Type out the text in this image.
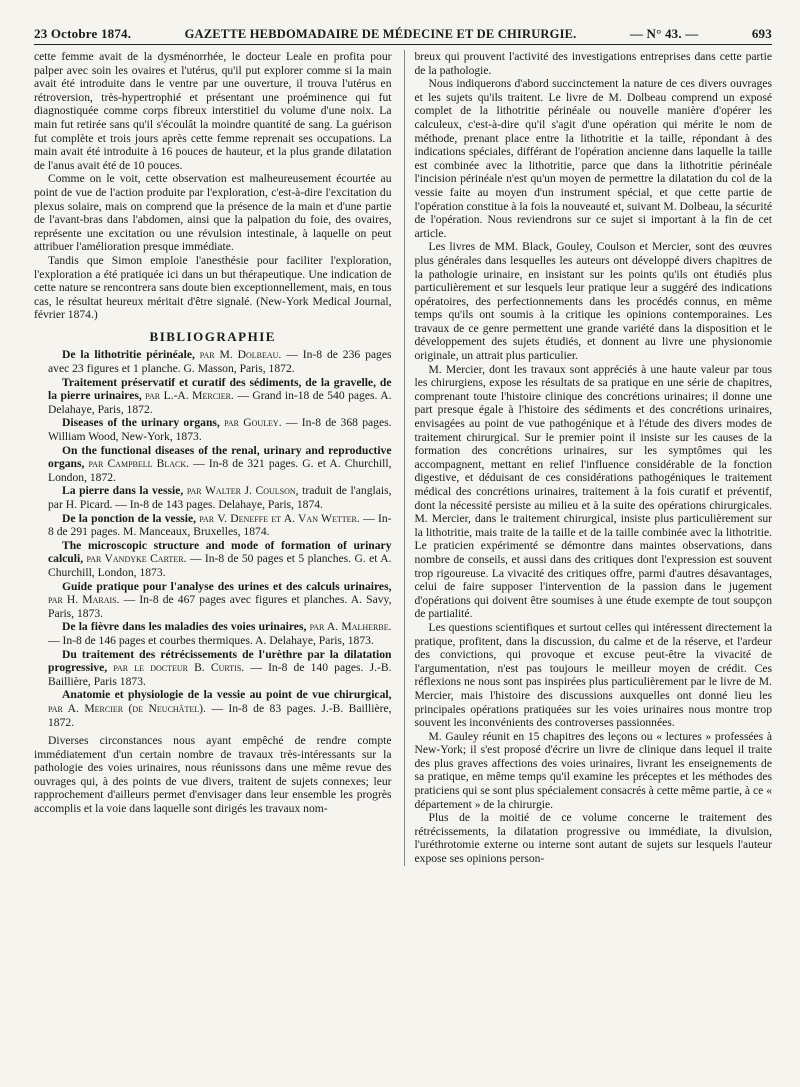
23 Octobre 1874.	GAZETTE HEBDOMADAIRE DE MÉDECINE ET DE CHIRURGIE.	— N° 43. —	693

cette femme avait de la dysménorrhée, le docteur Leale en profita pour palper avec soin les ovaires et l'utérus, qu'il put explorer comme si la main avait été introduite dans le ventre par une ouverture, il trouva l'utérus en rétroversion, très-hypertrophié et présentant une proéminence qui fut diagnostiquée comme corps fibreux interstitiel du volume d'une noix. La main fut retirée sans qu'il s'écoulât la moindre quantité de sang. La guérison fut complète et trois jours après cette femme reprenait ses occupations. La main avait été introduite à 16 pouces de hauteur, et la plus grande dilatation de l'anus avait été de 10 pouces.

Comme on le voit, cette observation est malheureusement écourtée au point de vue de l'action produite par l'exploration, c'est-à-dire l'excitation du plexus solaire, mais on comprend que la présence de la main et d'une partie de l'avant-bras dans l'abdomen, ainsi que la palpation du foie, des ovaires, représente une excitation ou une révulsion intestinale, à laquelle on peut attribuer l'amélioration presque immédiate.

Tandis que Simon emploie l'anesthésie pour faciliter l'exploration, l'exploration a été pratiquée ici dans un but thérapeutique. Une indication de cette nature se rencontrera sans doute bien exceptionnellement, mais, en tous cas, le résultat heureux méritait d'être signalé. (New-York Medical Journal, février 1874.)

BIBLIOGRAPHIE

De la lithotritie périnéale, par M. Dolbeau. — In-8 de 236 pages avec 23 figures et 1 planche. G. Masson, Paris, 1872.

Traitement préservatif et curatif des sédiments, de la gravelle, de la pierre urinaires, par L.-A. Mercier. — Grand in-18 de 540 pages. A. Delahaye, Paris, 1872.

Diseases of the urinary organs, par Gouley. — In-8 de 368 pages. William Wood, New-York, 1873.

On the functional diseases of the renal, urinary and reproductive organs, par Campbell Black. — In-8 de 321 pages. G. et A. Churchill, London, 1872.

La pierre dans la vessie, par Walter J. Coulson, traduit de l'anglais, par H. Picard. — In-8 de 143 pages. Delahaye, Paris, 1874.

De la ponction de la vessie, par V. Deneffe et A. Van Wetter. — In-8 de 291 pages. M. Manceaux, Bruxelles, 1874.

The microscopic structure and mode of formation of urinary calculi, par Vandyke Carter. — In-8 de 50 pages et 5 planches. G. et A. Churchill, London, 1873.

Guide pratique pour l'analyse des urines et des calculs urinaires, par H. Marais. — In-8 de 467 pages avec figures et planches. A. Savy, Paris, 1873.

De la fièvre dans les maladies des voies urinaires, par A. Malherbe. — In-8 de 146 pages et courbes thermiques. A. Delahaye, Paris, 1873.

Du traitement des rétrécissements de l'urèthre par la dilatation progressive, par le docteur B. Curtis. — In-8 de 140 pages. J.-B. Baillière, Paris 1873.

Anatomie et physiologie de la vessie au point de vue chirurgical, par A. Mercier (de Neuchâtel). — In-8 de 83 pages. J.-B. Baillière, 1872.

Diverses circonstances nous ayant empêché de rendre compte immédiatement d'un certain nombre de travaux très-intéressants sur la pathologie des voies urinaires, nous réunissons dans une même revue des ouvrages qui, à des points de vue divers, traitent de sujets connexes; leur rapprochement d'ailleurs permet d'envisager dans leur ensemble les progrès accomplis et la voie dans laquelle sont dirigés les travaux nom-

breux qui prouvent l'activité des investigations entreprises dans cette partie de la pathologie.

Nous indiquerons d'abord succinctement la nature de ces divers ouvrages et les sujets qu'ils traitent. Le livre de M. Dolbeau comprend un exposé complet de la lithotritie périnéale ou nouvelle manière d'opérer les calculeux, c'est-à-dire qu'il s'agit d'une opération qui mérite le nom de méthode, prenant place entre la lithotritie et la taille, répondant à des indications spéciales, différant de l'opération ancienne dans laquelle la taille est combinée avec la lithotritie, parce que dans la lithotritie périnéale l'incision périnéale n'est qu'un moyen de permettre la dilatation du col de la vessie faite au moyen d'un instrument spécial, et que cette partie de l'opération constitue à la fois la nouveauté et, suivant M. Dolbeau, la sécurité de l'opération. Nous reviendrons sur ce sujet si important à la fin de cet article.

Les livres de MM. Black, Gouley, Coulson et Mercier, sont des œuvres plus générales dans lesquelles les auteurs ont développé divers chapitres de la pathologie urinaire, en insistant sur les points qu'ils ont étudiés plus particulièrement et sur lesquels leur pratique leur a suggéré des indications opératoires, des perfectionnements dans les procédés connus, en même temps qu'ils ont soumis à la critique les opinions contemporaines. Les travaux de ce genre permettent une grande variété dans la disposition et le développement des sujets étudiés, et donnent au livre une physionomie originale, un attrait plus particulier.

M. Mercier, dont les travaux sont appréciés à une haute valeur par tous les chirurgiens, expose les résultats de sa pratique en une série de chapitres, comprenant toute l'histoire clinique des concrétions urinaires; il donne une part presque égale à l'histoire des sédiments et des concrétions urinaires, envisagées au point de vue pathogénique et à l'étude des divers modes de traitement chirurgical. Sur le premier point il insiste sur les causes de la formation des concrétions urinaires, sur les symptômes qui les accompagnent, mettant en relief l'influence considérable de la fonction digestive, et déduisant de ces considérations pathogéniques le traitement médical des concrétions urinaires, traitement à la fois curatif et préventif, dont la nécessité persiste au milieu et à la suite des opérations chirurgicales. M. Mercier, dans le traitement chirurgical, insiste plus particulièrement sur la lithotritie, mais traite de la taille et de la taille combinée avec la lithotritie. Le praticien expérimenté se démontre dans maintes observations, dans nombre de conseils, et aussi dans des critiques dont l'expression est souvent trop rigoureuse. La vivacité des critiques offre, parmi d'autres désavantages, celui de faire supposer l'intervention de la passion dans le jugement d'opérations qui doivent être soumises à une étude exempte de tout soupçon de partialité.

Les questions scientifiques et surtout celles qui intéressent directement la pratique, profitent, dans la discussion, du calme et de la réserve, et l'ardeur des convictions, qui provoque et excuse peut-être la vivacité de l'argumentation, n'est pas toujours le meilleur moyen de crédit. Ces réflexions ne nous sont pas inspirées plus particulièrement par le livre de M. Mercier, mais l'histoire des discussions auxquelles ont donné lieu les principales opérations pratiquées sur les voies urinaires nous montre trop souvent les inconvénients des controverses passionnées.

M. Gauley réunit en 15 chapitres des leçons ou « lectures » professées à New-York; il s'est proposé d'écrire un livre de clinique dans lequel il traite des plus graves affections des voies urinaires, livrant les enseignements de sa pratique, en même temps qu'il examine les préceptes et les méthodes des praticiens qui se sont plus spécialement consacrés à cette même partie, à ce « département » de la chirurgie.

Plus de la moitié de ce volume concerne le traitement des rétrécissements, la dilatation progressive ou immédiate, la divulsion, l'uréthrotomie externe ou interne sont autant de sujets sur lesquels l'auteur expose ses opinions person-
